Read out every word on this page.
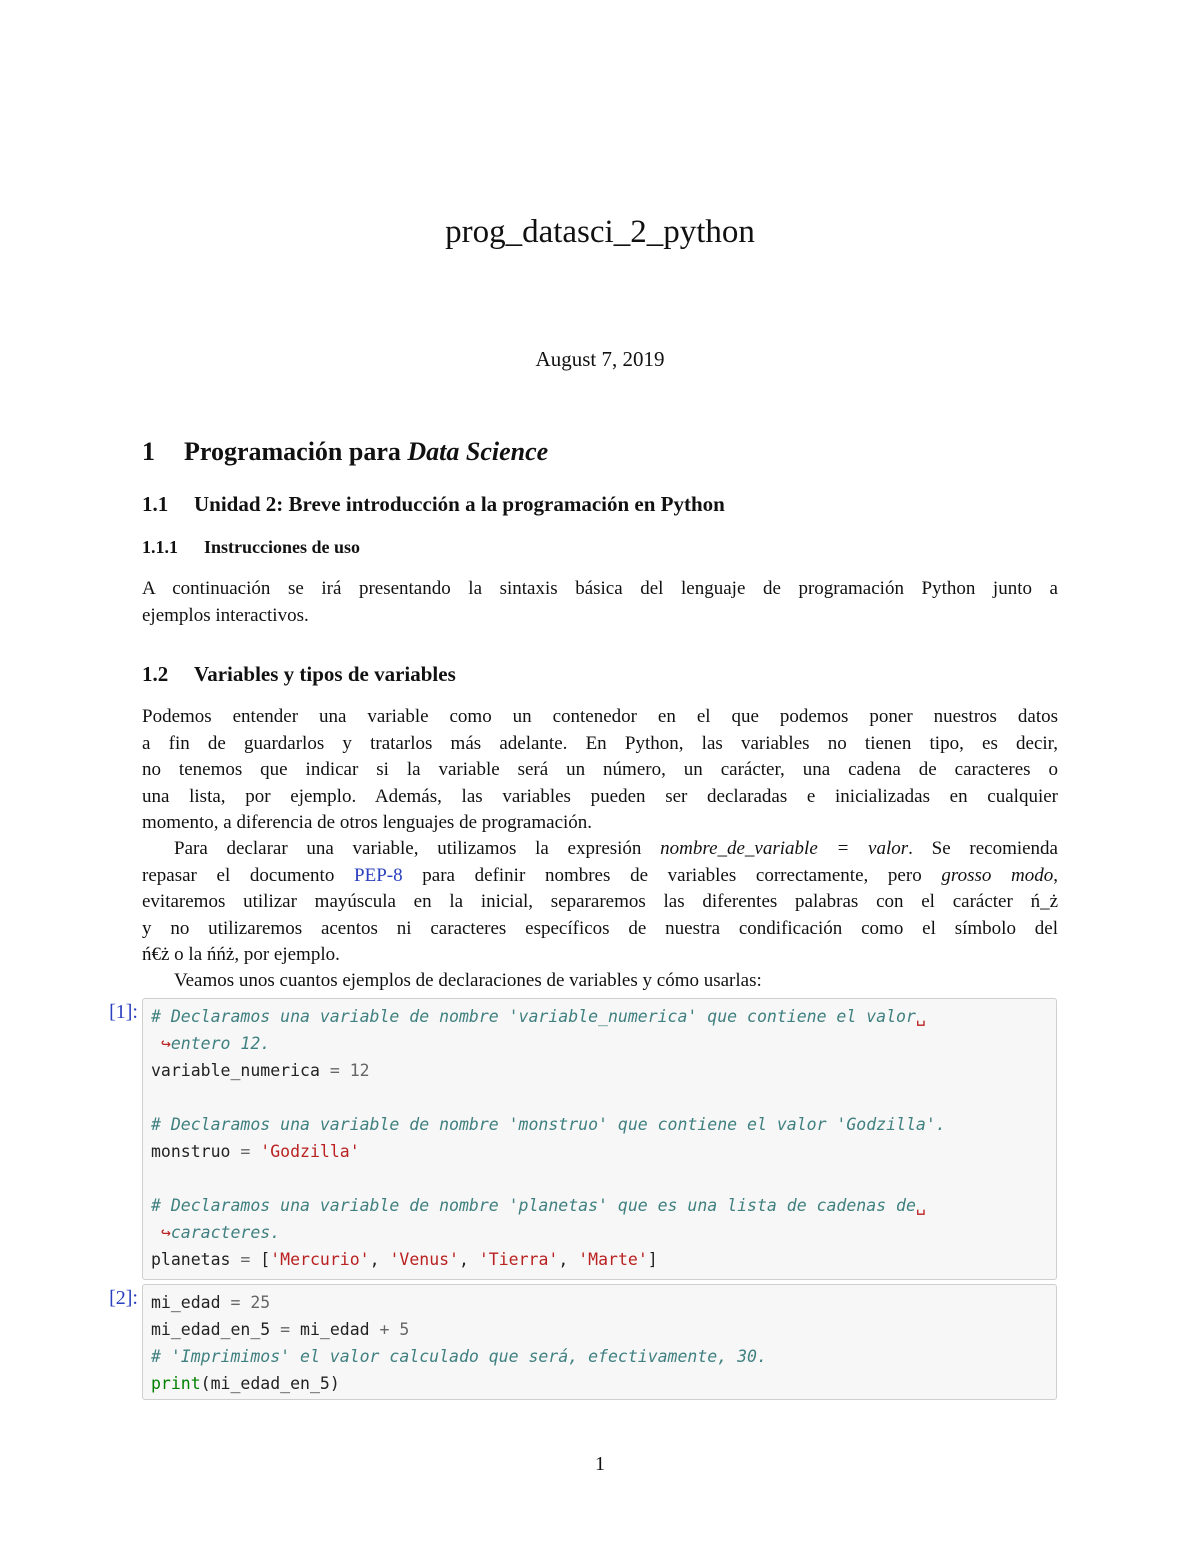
prog_datasci_2_python
August 7, 2019
1 Programación para Data Science
1.1 Unidad 2: Breve introducción a la programación en Python
1.1.1 Instrucciones de uso
A continuación se irá presentando la sintaxis básica del lenguaje de programación Python junto a
ejemplos interactivos.
1.2 Variables y tipos de variables
Podemos entender una variable como un contenedor en el que podemos poner nuestros datos
a fin de guardarlos y tratarlos más adelante. En Python, las variables no tienen tipo, es decir,
no tenemos que indicar si la variable será un número, un carácter, una cadena de caracteres o
una lista, por ejemplo. Además, las variables pueden ser declaradas e inicializadas en cualquier
momento, a diferencia de otros lenguajes de programación.
Para declarar una variable, utilizamos la expresión nombre_de_variable = valor. Se recomienda
repasar el documento PEP-8 para definir nombres de variables correctamente, pero grosso modo,
evitaremos utilizar mayúscula en la inicial, separaremos las diferentes palabras con el carácter ń_ż
y no utilizaremos acentos ni caracteres específicos de nuestra condificación como el símbolo del
ń€ż o la ńńż, por ejemplo.
Veamos unos cuantos ejemplos de declaraciones de variables y cómo usarlas:
[1]: # Declaramos una variable de nombre 'variable_numerica' que contiene el valor␣
↪entero 12.
variable_numerica = 12

# Declaramos una variable de nombre 'monstruo' que contiene el valor 'Godzilla'.
monstruo = 'Godzilla'

# Declaramos una variable de nombre 'planetas' que es una lista de cadenas de␣
↪caracteres.
planetas = ['Mercurio', 'Venus', 'Tierra', 'Marte']
[2]: mi_edad = 25
mi_edad_en_5 = mi_edad + 5
# 'Imprimimos' el valor calculado que será, efectivamente, 30.
print(mi_edad_en_5)
1
